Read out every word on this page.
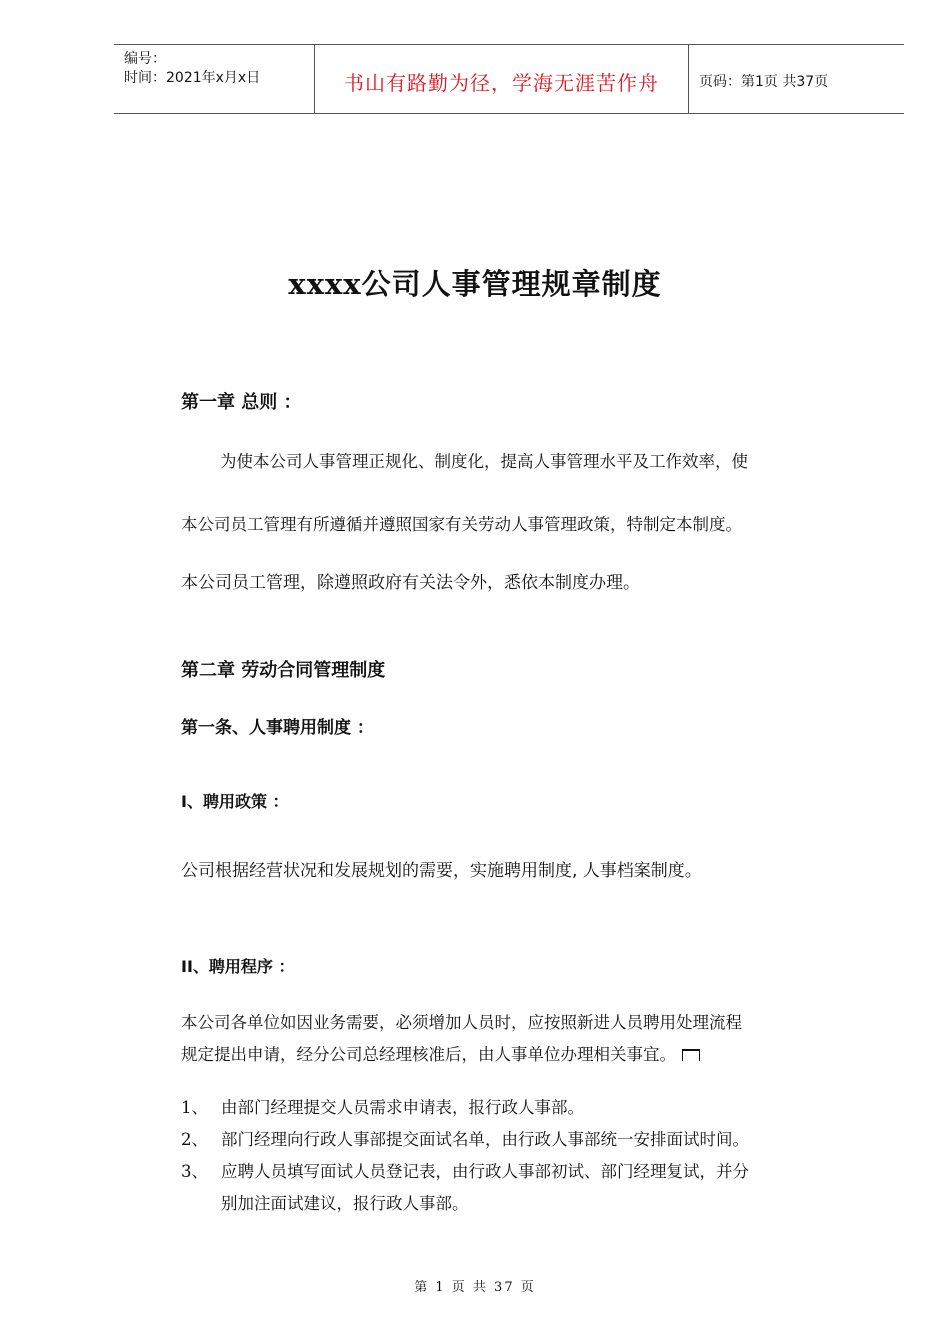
编号：
时间：2021年x月x日	书山有路勤为径，学海无涯苦作舟	页码：第1页 共37页
xxxx公司人事管理规章制度
第一章 总则 ：
为使本公司人事管理正规化、制度化，提高人事管理水平及工作效率，使
本公司员工管理有所遵循并遵照国家有关劳动人事管理政策，特制定本制度。
本公司员工管理，除遵照政府有关法令外，悉依本制度办理。
第二章 劳动合同管理制度
第一条、人事聘用制度 ：
I、聘用政策 ：
公司根据经营状况和发展规划的需要，实施聘用制度, 人事档案制度。
II、聘用程序 ：
本公司各单位如因业务需要，必须增加人员时，应按照新进人员聘用处理流程
规定提出申请，经分公司总经理核准后，由人事单位办理相关事宜。
1、 由部门经理提交人员需求申请表，报行政人事部。
2、 部门经理向行政人事部提交面试名单，由行政人事部统一安排面试时间。
3、 应聘人员填写面试人员登记表，由行政人事部初试、部门经理复试，并分
别加注面试建议，报行政人事部。
第 1 页 共 37 页
